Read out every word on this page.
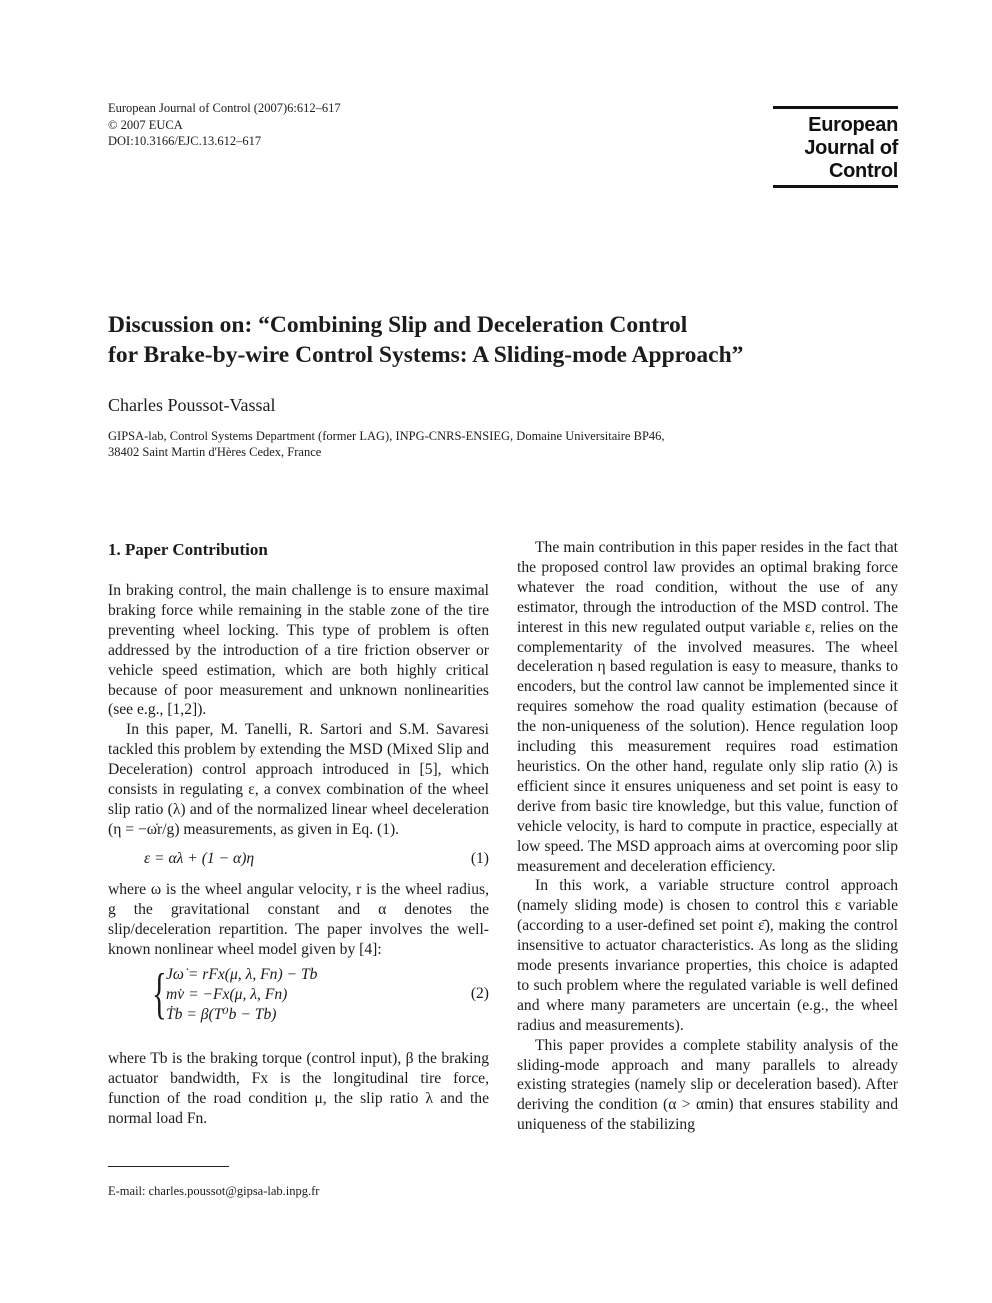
European Journal of Control (2007)6:612–617
© 2007 EUCA
DOI:10.3166/EJC.13.612–617
European
Journal of
Control
Discussion on: “Combining Slip and Deceleration Control
for Brake-by-wire Control Systems: A Sliding-mode Approach”
Charles Poussot-Vassal
GIPSA-lab, Control Systems Department (former LAG), INPG-CNRS-ENSIEG, Domaine Universitaire BP46,
38402 Saint Martin d'Hères Cedex, France
1. Paper Contribution

In braking control, the main challenge is to ensure maximal braking force while remaining in the stable zone of the tire preventing wheel locking. This type of problem is often addressed by the introduction of a tire friction observer or vehicle speed estimation, which are both highly critical because of poor measurement and unknown nonlinearities (see e.g., [1,2]).

In this paper, M. Tanelli, R. Sartori and S.M. Savaresi tackled this problem by extending the MSD (Mixed Slip and Deceleration) control approach introduced in [5], which consists in regulating ε, a convex combination of the wheel slip ratio (λ) and of the normalized linear wheel deceleration (η = −ω̇r/g) measurements, as given in Eq. (1).

ε = αλ + (1 − α)η	(1)

where ω is the wheel angular velocity, r is the wheel radius, g the gravitational constant and α denotes the slip/deceleration repartition. The paper involves the well-known nonlinear wheel model given by [4]:

{ Jω̇ = rFx(μ, λ, Fn) − Tb
mv̇ = −Fx(μ, λ, Fn)
Ṫb = β(T⁰b − Tb)
(2)

where Tb is the braking torque (control input), β the braking actuator bandwidth, Fx is the longitudinal tire force, function of the road condition μ, the slip ratio λ and the normal load Fn.

The main contribution in this paper resides in the fact that the proposed control law provides an optimal braking force whatever the road condition, without the use of any estimator, through the introduction of the MSD control. The interest in this new regulated output variable ε, relies on the complementarity of the involved measures. The wheel deceleration η based regulation is easy to measure, thanks to encoders, but the control law cannot be implemented since it requires somehow the road quality estimation (because of the non-uniqueness of the solution). Hence regulation loop including this measurement requires road estimation heuristics. On the other hand, regulate only slip ratio (λ) is efficient since it ensures uniqueness and set point is easy to derive from basic tire knowledge, but this value, function of vehicle velocity, is hard to compute in practice, especially at low speed. The MSD approach aims at overcoming poor slip measurement and deceleration efficiency.

In this work, a variable structure control approach (namely sliding mode) is chosen to control this ε variable (according to a user-defined set point ε̄), making the control insensitive to actuator characteristics. As long as the sliding mode presents invariance properties, this choice is adapted to such problem where the regulated variable is well defined and where many parameters are uncertain (e.g., the wheel radius and measurements).

This paper provides a complete stability analysis of the sliding-mode approach and many parallels to already existing strategies (namely slip or deceleration based). After deriving the condition (α > αmin) that ensures stability and uniqueness of the stabilizing

E-mail: charles.poussot@gipsa-lab.inpg.fr
